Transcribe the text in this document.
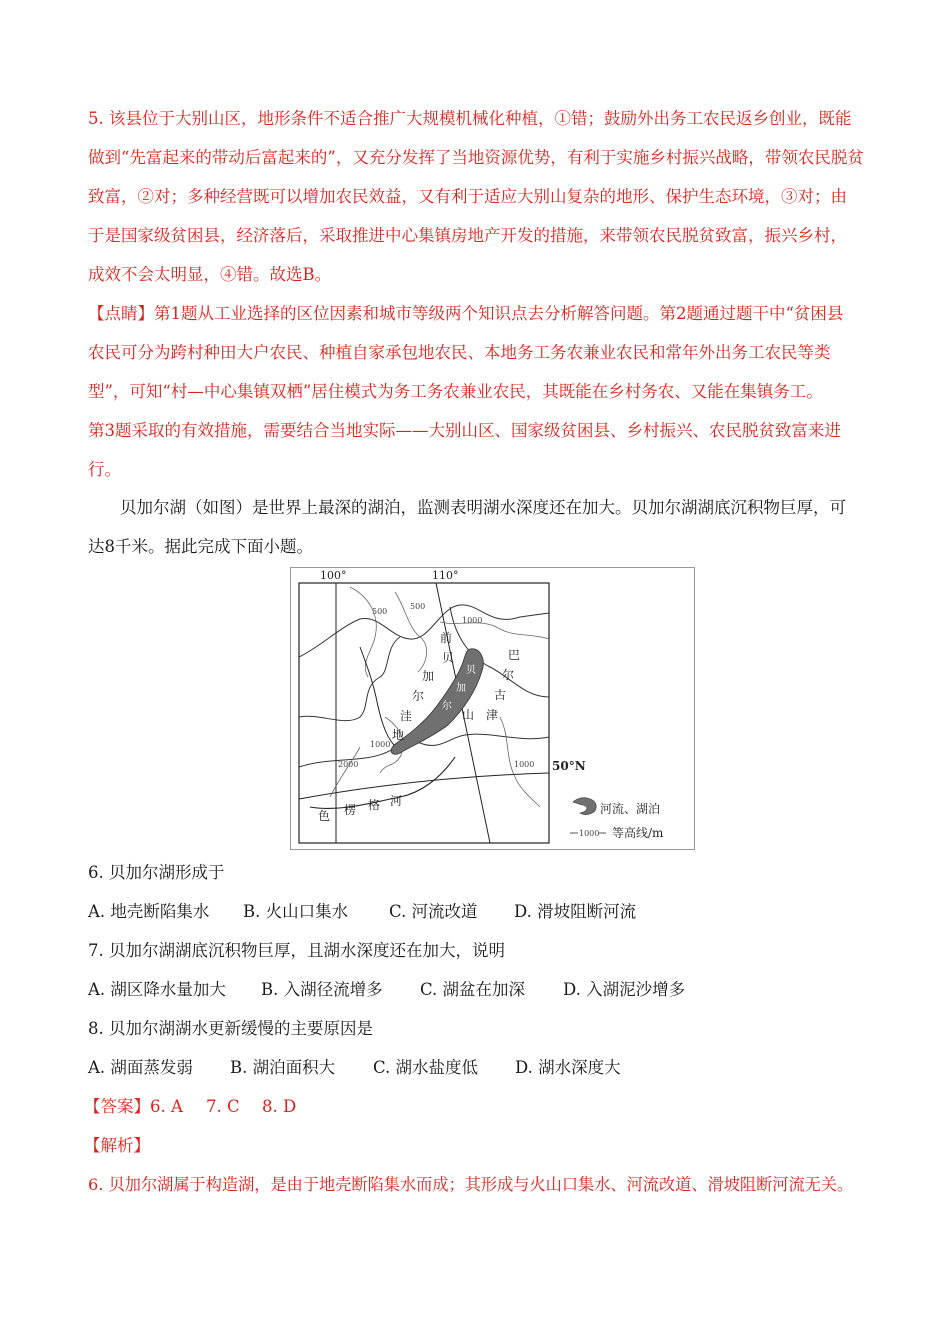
5. 该县位于大别山区，地形条件不适合推广大规模机械化种植，①错；鼓励外出务工农民返乡创业，既能
做到“先富起来的带动后富起来的”，又充分发挥了当地资源优势，有利于实施乡村振兴战略，带领农民脱贫
致富，②对；多种经营既可以增加农民效益，又有利于适应大别山复杂的地形、保护生态环境，③对；由
于是国家级贫困县，经济落后，采取推进中心集镇房地产开发的措施，来带领农民脱贫致富，振兴乡村，
成效不会太明显，④错。故选B。
【点睛】第1题从工业选择的区位因素和城市等级两个知识点去分析解答问题。第2题通过题干中“贫困县
农民可分为跨村种田大户农民、种植自家承包地农民、本地务工务农兼业农民和常年外出务工农民等类
型”，可知“村—中心集镇双栖”居住模式为务工务农兼业农民，其既能在乡村务农、又能在集镇务工。
第3题采取的有效措施，需要结合当地实际——大别山区、国家级贫困县、乡村振兴、农民脱贫致富来进
行。
贝加尔湖（如图）是世界上最深的湖泊，监测表明湖水深度还在加大。贝加尔湖湖底沉积物巨厚，可
达8千米。据此完成下面小题。
100°	110°
50°N
500
500
1000
1000
1000
2000
前
贝
加
尔
洼
地
巴
尔
古
津
山
贝
加
尔
色 楞 格 河
河流、湖泊
1000 等高线/m
6. 贝加尔湖形成于
A. 地壳断陷集水 B. 火山口集水 C. 河流改道 D. 滑坡阻断河流
7. 贝加尔湖湖底沉积物巨厚，且湖水深度还在加大，说明
A. 湖区降水量加大 B. 入湖径流增多 C. 湖盆在加深 D. 入湖泥沙增多
8. 贝加尔湖湖水更新缓慢的主要原因是
A. 湖面蒸发弱 B. 湖泊面积大 C. 湖水盐度低 D. 湖水深度大
【答案】6. A 7. C 8. D
【解析】
6. 贝加尔湖属于构造湖，是由于地壳断陷集水而成；其形成与火山口集水、河流改道、滑坡阻断河流无关。
